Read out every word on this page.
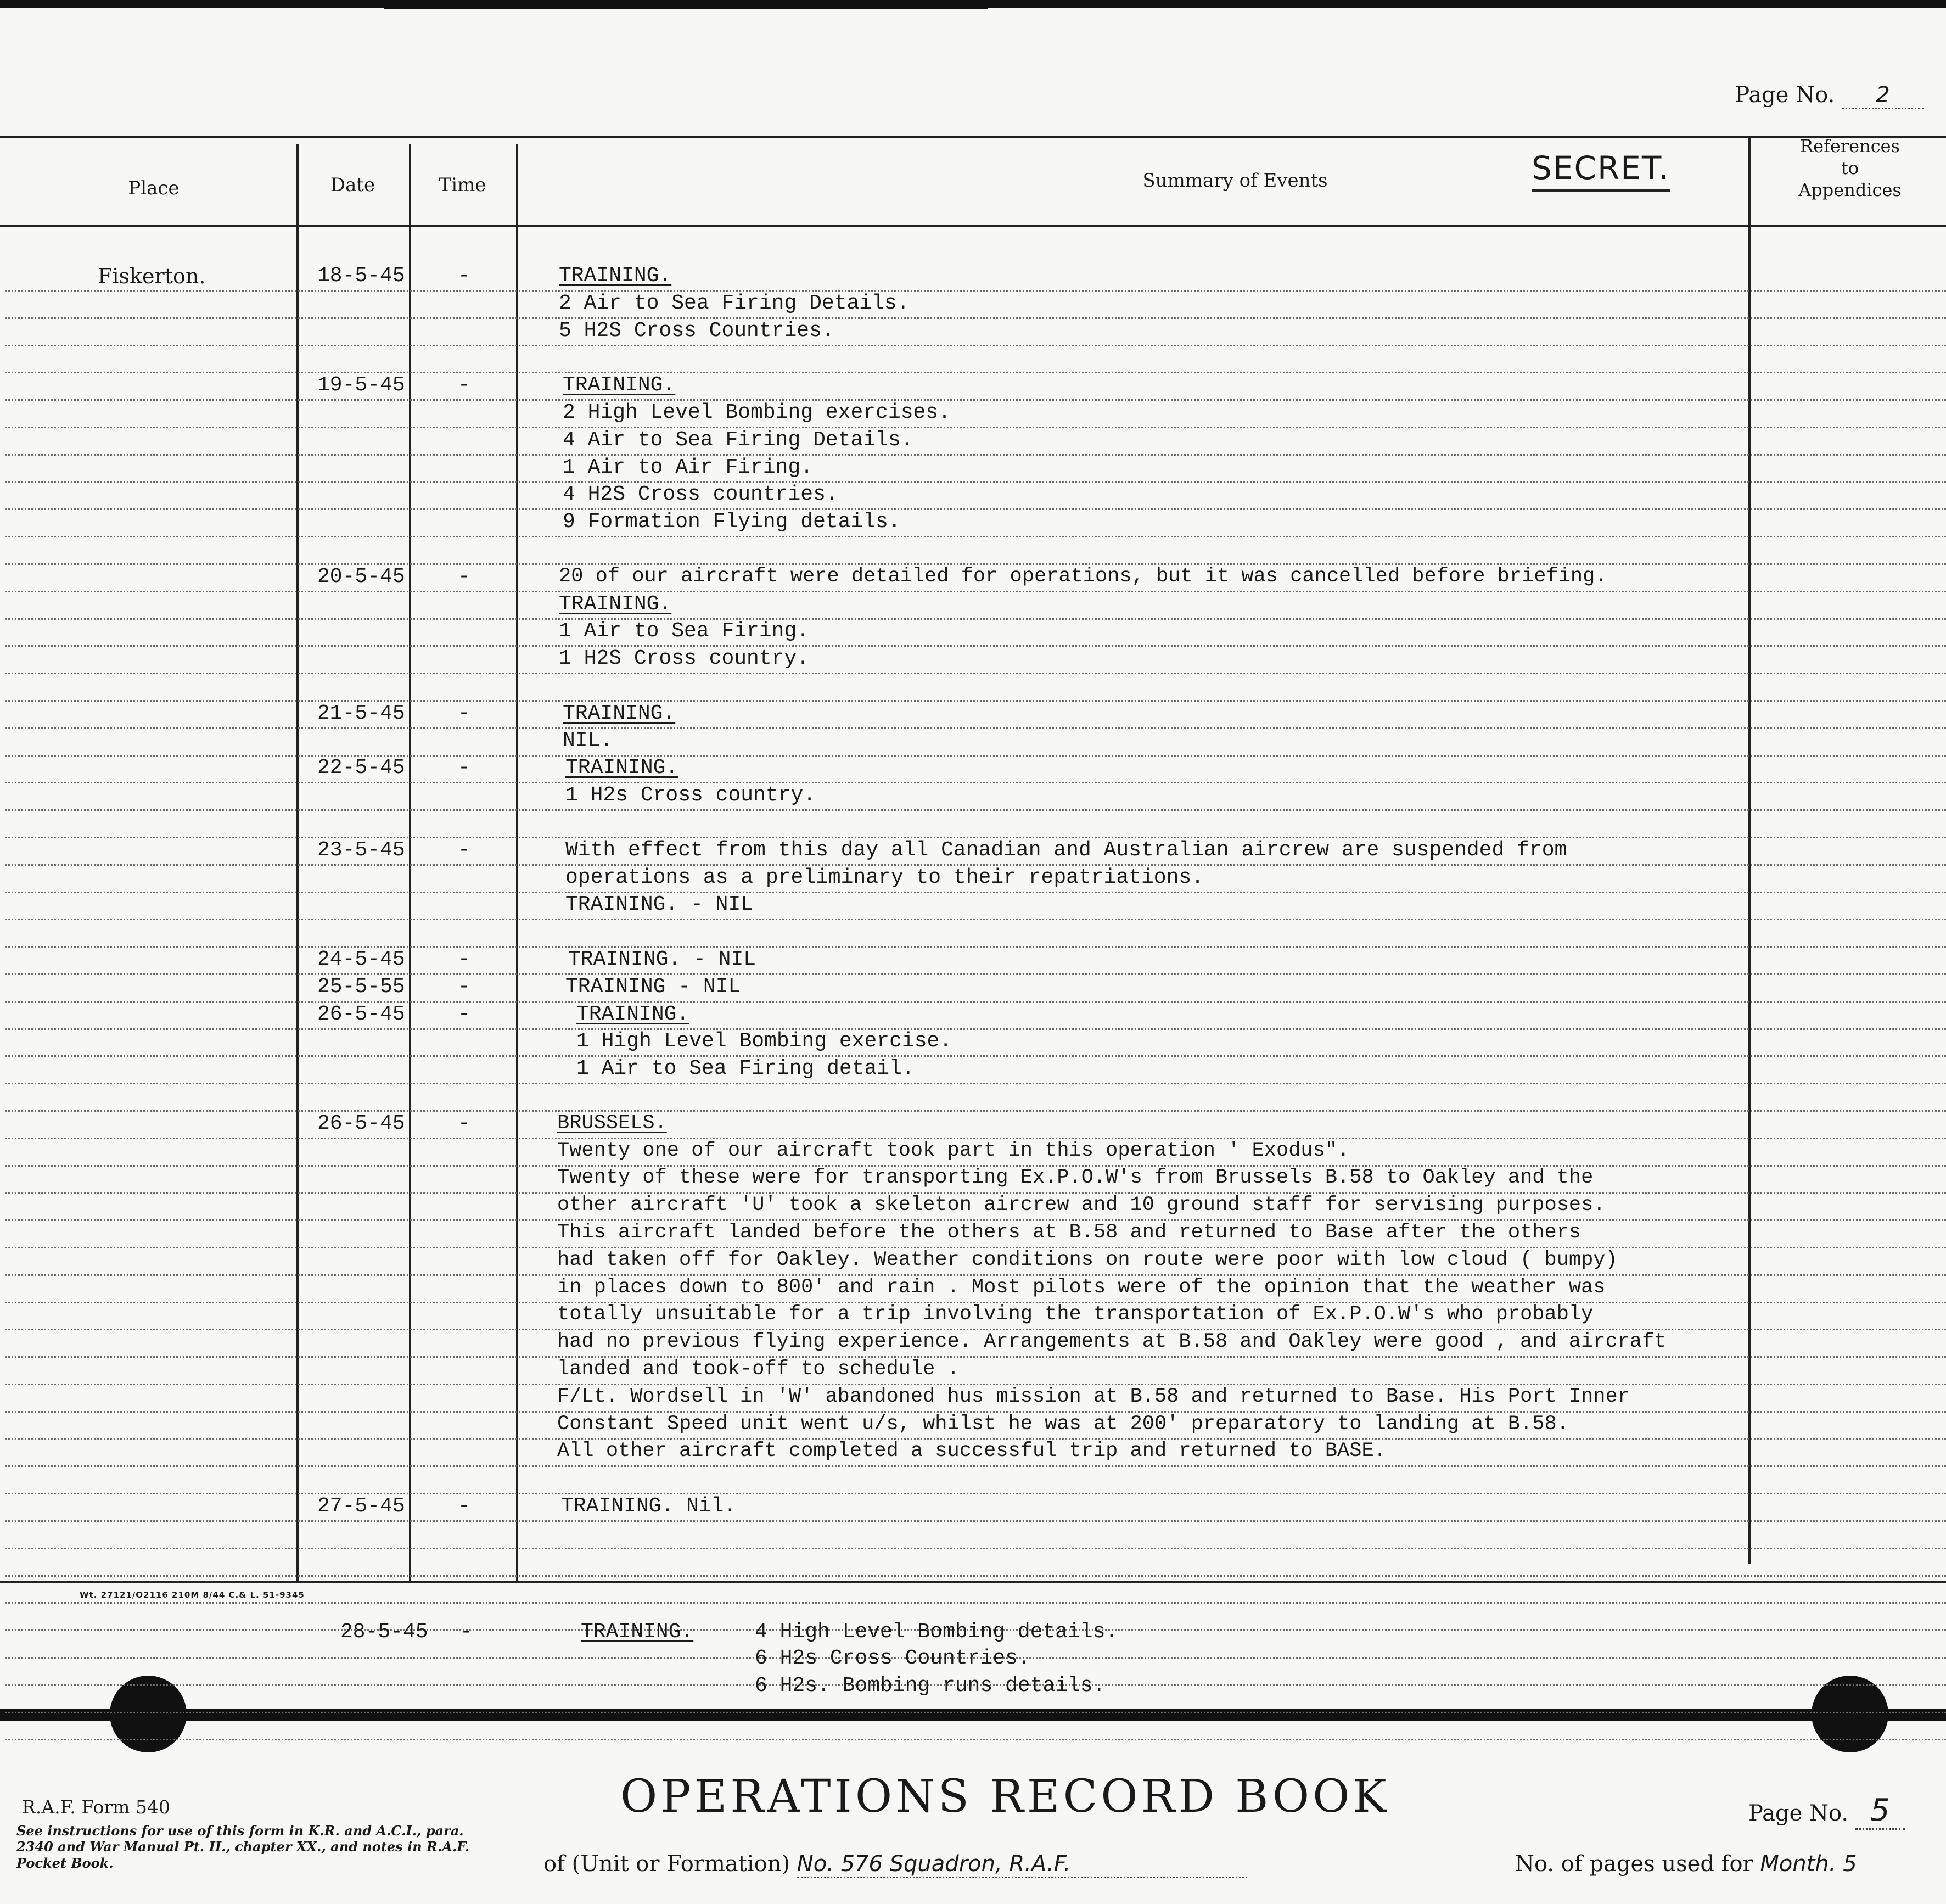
Page No. 2
Place	Date	Time	Summary of Events
References
to
Appendices
SECRET.
Fiskerton.	18-5-45	-	TRAINING.
2 Air to Sea Firing Details.
5 H2S Cross Countries.
19-5-45	-	TRAINING.
2 High Level Bombing exercises.
4 Air to Sea Firing Details.
1 Air to Air Firing.
4 H2S Cross countries.
9 Formation Flying details.
20-5-45	-	20 of our aircraft were detailed for operations, but it was cancelled before briefing.
TRAINING.
1 Air to Sea Firing.
1 H2S Cross country.
21-5-45	-	TRAINING.
NIL.
22-5-45	-	TRAINING.
1 H2s Cross country.
23-5-45	-	With effect from this day all Canadian and Australian aircrew are suspended from
operations as a preliminary to their repatriations.
TRAINING. - NIL
24-5-45	-	TRAINING. - NIL
25-5-55	-	TRAINING - NIL
26-5-45	-	TRAINING.
1 High Level Bombing exercise.
1 Air to Sea Firing detail.
26-5-45	-	BRUSSELS.
Twenty one of our aircraft took part in this operation ' Exodus".
Twenty of these were for transporting Ex.P.O.W's from Brussels B.58 to Oakley and the
other aircraft 'U' took a skeleton aircrew and 10 ground staff for servising purposes.
This aircraft landed before the others at B.58 and returned to Base after the others
had taken off for Oakley. Weather conditions on route were poor with low cloud ( bumpy)
in places down to 800' and rain . Most pilots were of the opinion that the weather was
totally unsuitable for a trip involving the transportation of Ex.P.O.W's who probably
had no previous flying experience. Arrangements at B.58 and Oakley were good , and aircraft
landed and took-off to schedule .
F/Lt. Wordsell in 'W' abandoned hus mission at B.58 and returned to Base. His Port Inner
Constant Speed unit went u/s, whilst he was at 200' preparatory to landing at B.58.
All other aircraft completed a successful trip and returned to BASE.
27-5-45	-	TRAINING. Nil.
Wt. 27121/O2116 210M 8/44 C.& L. 51-9345
28-5-45 -	TRAINING.	4 High Level Bombing details.
6 H2s Cross Countries.
6 H2s. Bombing runs details.
R.A.F. Form 540
See instructions for use of this form in K.R. and A.C.I., para. 2340 and War Manual Pt. II., chapter XX., and notes in R.A.F. Pocket Book.
OPERATIONS RECORD BOOK
of (Unit or Formation) No. 576 Squadron, R.A.F.
Page No. 5
No. of pages used for Month. 5
